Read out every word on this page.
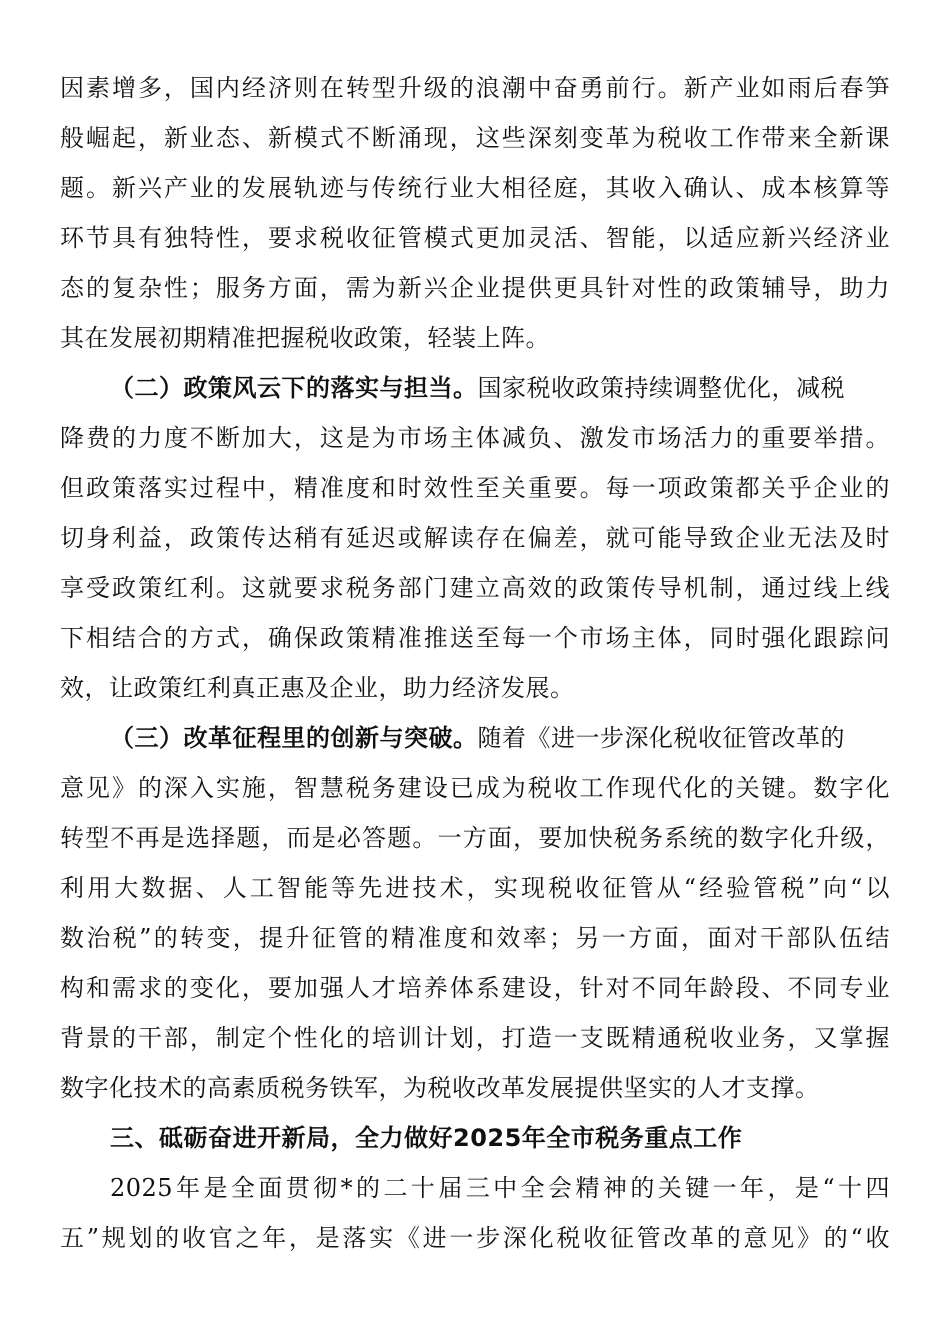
因素增多，国内经济则在转型升级的浪潮中奋勇前行。新产业如雨后春笋
般崛起，新业态、新模式不断涌现，这些深刻变革为税收工作带来全新课
题。新兴产业的发展轨迹与传统行业大相径庭，其收入确认、成本核算等
环节具有独特性，要求税收征管模式更加灵活、智能，以适应新兴经济业
态的复杂性；服务方面，需为新兴企业提供更具针对性的政策辅导，助力
其在发展初期精准把握税收政策，轻装上阵。
（二）政策风云下的落实与担当。国家税收政策持续调整优化，减税
降费的力度不断加大，这是为市场主体减负、激发市场活力的重要举措。
但政策落实过程中，精准度和时效性至关重要。每一项政策都关乎企业的
切身利益，政策传达稍有延迟或解读存在偏差，就可能导致企业无法及时
享受政策红利。这就要求税务部门建立高效的政策传导机制，通过线上线
下相结合的方式，确保政策精准推送至每一个市场主体，同时强化跟踪问
效，让政策红利真正惠及企业，助力经济发展。
（三）改革征程里的创新与突破。随着《进一步深化税收征管改革的
意见》的深入实施，智慧税务建设已成为税收工作现代化的关键。数字化
转型不再是选择题，而是必答题。一方面，要加快税务系统的数字化升级，
利用大数据、人工智能等先进技术，实现税收征管从“经验管税”向“以
数治税”的转变，提升征管的精准度和效率；另一方面，面对干部队伍结
构和需求的变化，要加强人才培养体系建设，针对不同年龄段、不同专业
背景的干部，制定个性化的培训计划，打造一支既精通税收业务，又掌握
数字化技术的高素质税务铁军，为税收改革发展提供坚实的人才支撑。
三、砥砺奋进开新局，全力做好2025年全市税务重点工作
2025年是全面贯彻*的二十届三中全会精神的关键一年，是“十四
五”规划的收官之年，是落实《进一步深化税收征管改革的意见》的“收
